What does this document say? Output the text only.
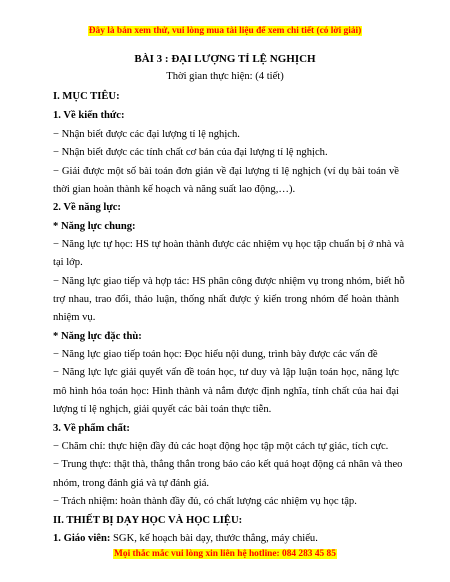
Đây là bản xem thử, vui lòng mua tài liệu để xem chi tiết (có lời giải)
BÀI 3 : ĐẠI LƯỢNG TỈ LỆ NGHỊCH
Thời gian thực hiện: (4 tiết)
I. MỤC TIÊU:
1. Về kiến thức:
− Nhận biết được các đại lượng tỉ lệ nghịch.
− Nhận biết được các tính chất cơ bản của đại lượng tỉ lệ nghịch.
− Giải được một số bài toán đơn giản về đại lượng tỉ lệ nghịch (ví dụ bài toán về
thời gian hoàn thành kế hoạch và năng suất lao động,…).
2. Về năng lực:
* Năng lực chung:
− Năng lực tự học: HS tự hoàn thành được các nhiệm vụ học tập chuẩn bị ở nhà và
tại lớp.
− Năng lực giao tiếp và hợp tác: HS phân công được nhiệm vụ trong nhóm, biết hỗ
trợ nhau, trao đổi, thảo luận, thống nhất được ý kiến trong nhóm để hoàn thành
nhiệm vụ.
* Năng lực đặc thù:
− Năng lực giao tiếp toán học: Đọc hiểu nội dung, trình bày được các vấn đề
− Năng lực lực giải quyết vấn đề toán học, tư duy và lập luận toán học, năng lực
mô hình hóa toán học: Hình thành và nắm được định nghĩa, tính chất của hai đại
lượng tỉ lệ nghịch, giải quyết các bài toán thực tiễn.
3. Về phẩm chất:
− Chăm chỉ: thực hiện đầy đủ các hoạt động học tập một cách tự giác, tích cực.
− Trung thực: thật thà, thẳng thắn trong báo cáo kết quả hoạt động cá nhân và theo
nhóm, trong đánh giá và tự đánh giá.
− Trách nhiệm: hoàn thành đầy đủ, có chất lượng các nhiệm vụ học tập.
II. THIẾT BỊ DẠY HỌC VÀ HỌC LIỆU:
1. Giáo viên: SGK, kế hoạch bài dạy, thước thẳng, máy chiếu.
Mọi thắc mắc vui lòng xin liên hệ hotline: 084 283 45 85
